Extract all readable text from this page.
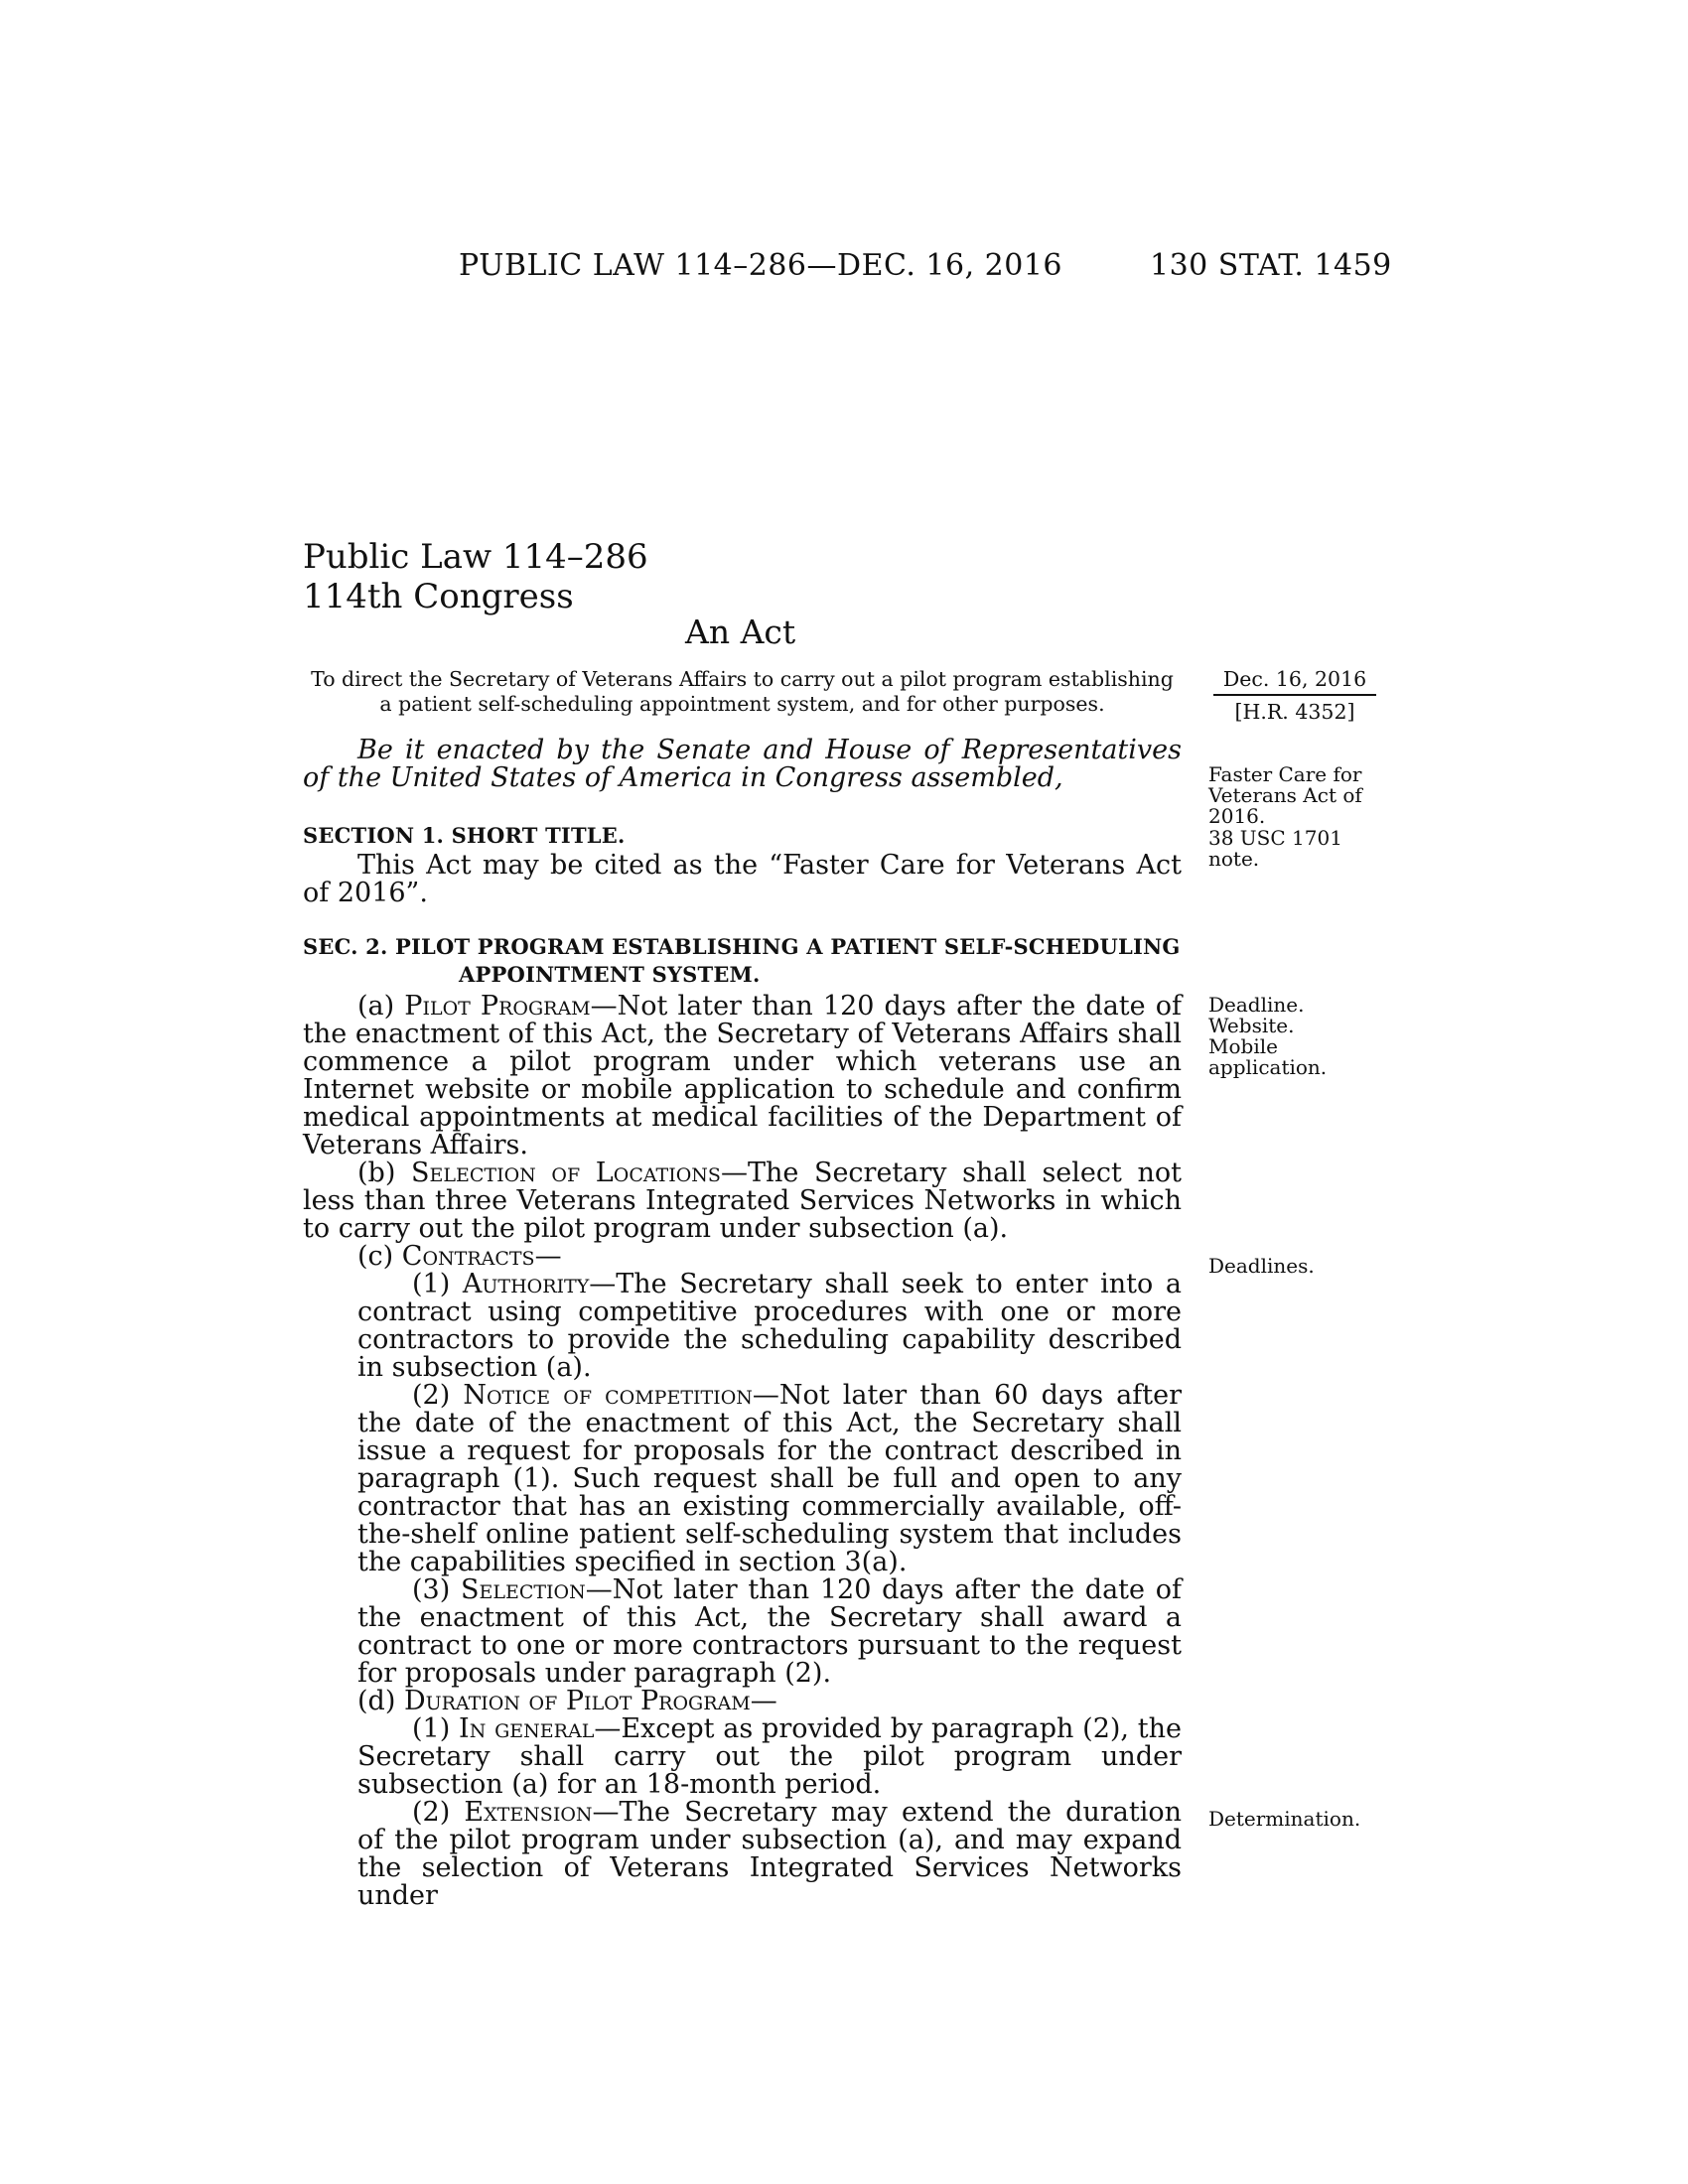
PUBLIC LAW 114–286—DEC. 16, 2016	130 STAT. 1459
Public Law 114–286
114th Congress
An Act
To direct the Secretary of Veterans Affairs to carry out a pilot program establishing a patient self-scheduling appointment system, and for other purposes.
Dec. 16, 2016
[H.R. 4352]
Be it enacted by the Senate and House of Representatives of the United States of America in Congress assembled,	Faster Care for Veterans Act of 2016.
38 USC 1701 note.
SECTION 1. SHORT TITLE.
This Act may be cited as the “Faster Care for Veterans Act of 2016”.
SEC. 2. PILOT PROGRAM ESTABLISHING A PATIENT SELF-SCHEDULING
APPOINTMENT SYSTEM.
Deadline.
Website.
Mobile application.
Deadlines.
Determination.

(a) Pilot Program—Not later than 120 days after the date of the enactment of this Act, the Secretary of Veterans Affairs shall commence a pilot program under which veterans use an Internet website or mobile application to schedule and confirm medical appointments at medical facilities of the Department of Veterans Affairs.

(b) Selection of Locations—The Secretary shall select not less than three Veterans Integrated Services Networks in which to carry out the pilot program under subsection (a).

(c) Contracts—

(1) Authority—The Secretary shall seek to enter into a contract using competitive procedures with one or more contractors to provide the scheduling capability described in subsection (a).

(2) Notice of competition—Not later than 60 days after the date of the enactment of this Act, the Secretary shall issue a request for proposals for the contract described in paragraph (1). Such request shall be full and open to any contractor that has an existing commercially available, off-the-shelf online patient self-scheduling system that includes the capabilities specified in section 3(a).

(3) Selection—Not later than 120 days after the date of the enactment of this Act, the Secretary shall award a contract to one or more contractors pursuant to the request for proposals under paragraph (2).

(d) Duration of Pilot Program—

(1) In general—Except as provided by paragraph (2), the Secretary shall carry out the pilot program under subsection (a) for an 18-month period.

(2) Extension—The Secretary may extend the duration of the pilot program under subsection (a), and may expand the selection of Veterans Integrated Services Networks under
